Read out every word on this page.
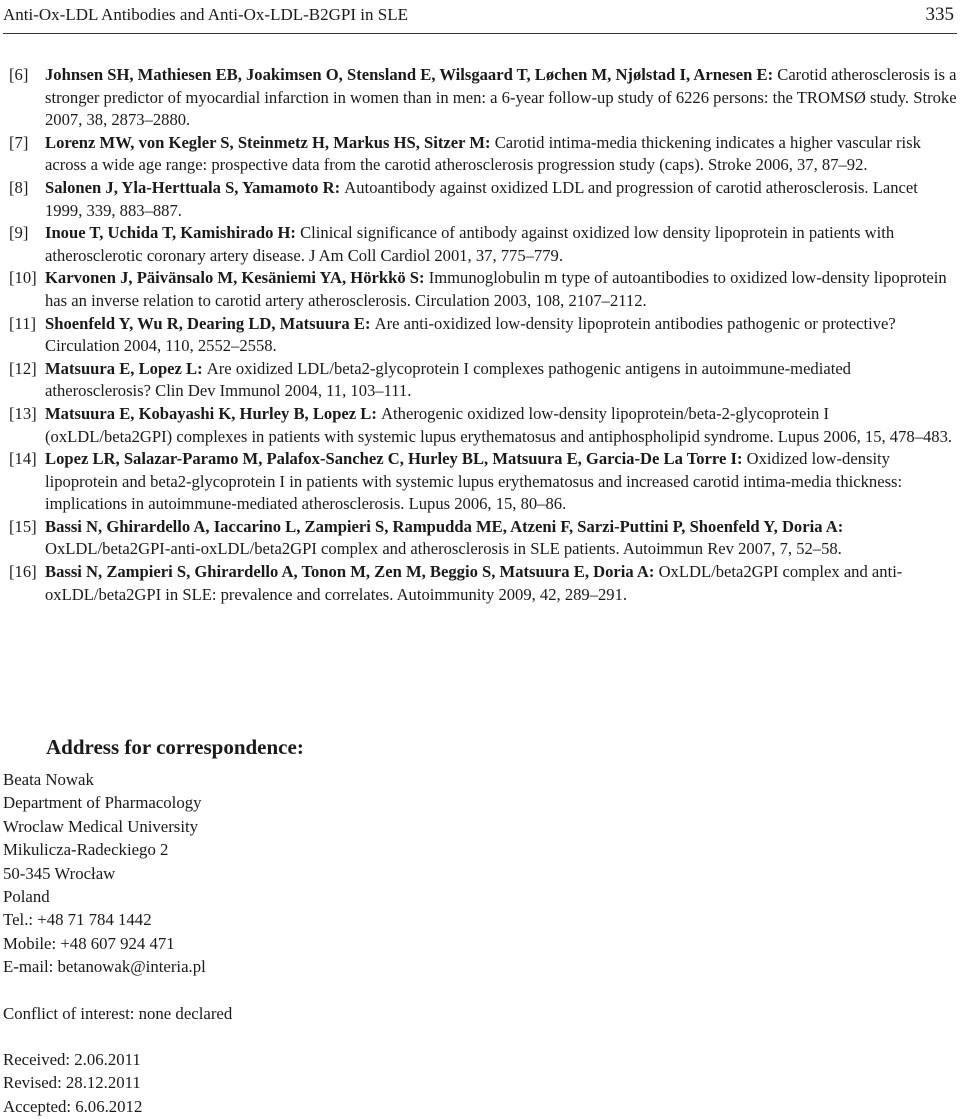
Anti-Ox-LDL Antibodies and Anti-Ox-LDL-B2GPI in SLE	335
[6] Johnsen SH, Mathiesen EB, Joakimsen O, Stensland E, Wilsgaard T, Løchen M, Njølstad I, Arnesen E: Carotid atherosclerosis is a stronger predictor of myocardial infarction in women than in men: a 6-year follow-up study of 6226 persons: the TROMSØ study. Stroke 2007, 38, 2873–2880.
[7] Lorenz MW, von Kegler S, Steinmetz H, Markus HS, Sitzer M: Carotid intima-media thickening indicates a higher vascular risk across a wide age range: prospective data from the carotid atherosclerosis progression study (caps). Stroke 2006, 37, 87–92.
[8] Salonen J, Yla-Herttuala S, Yamamoto R: Autoantibody against oxidized LDL and progression of carotid atherosclerosis. Lancet 1999, 339, 883–887.
[9] Inoue T, Uchida T, Kamishirado H: Clinical significance of antibody against oxidized low density lipoprotein in patients with atherosclerotic coronary artery disease. J Am Coll Cardiol 2001, 37, 775–779.
[10] Karvonen J, Päivänsalo M, Kesäniemi YA, Hörkkö S: Immunoglobulin m type of autoantibodies to oxidized low-density lipoprotein has an inverse relation to carotid artery atherosclerosis. Circulation 2003, 108, 2107–2112.
[11] Shoenfeld Y, Wu R, Dearing LD, Matsuura E: Are anti-oxidized low-density lipoprotein antibodies pathogenic or protective? Circulation 2004, 110, 2552–2558.
[12] Matsuura E, Lopez L: Are oxidized LDL/beta2-glycoprotein I complexes pathogenic antigens in autoimmune-mediated atherosclerosis? Clin Dev Immunol 2004, 11, 103–111.
[13] Matsuura E, Kobayashi K, Hurley B, Lopez L: Atherogenic oxidized low-density lipoprotein/beta-2-glycoprotein I (oxLDL/beta2GPI) complexes in patients with systemic lupus erythematosus and antiphospholipid syndrome. Lupus 2006, 15, 478–483.
[14] Lopez LR, Salazar-Paramo M, Palafox-Sanchez C, Hurley BL, Matsuura E, Garcia-De La Torre I: Oxidized low-density lipoprotein and beta2-glycoprotein I in patients with systemic lupus erythematosus and increased carotid intima-media thickness: implications in autoimmune-mediated atherosclerosis. Lupus 2006, 15, 80–86.
[15] Bassi N, Ghirardello A, Iaccarino L, Zampieri S, Rampudda ME, Atzeni F, Sarzi-Puttini P, Shoenfeld Y, Doria A: OxLDL/beta2GPI-anti-oxLDL/beta2GPI complex and atherosclerosis in SLE patients. Autoimmun Rev 2007, 7, 52–58.
[16] Bassi N, Zampieri S, Ghirardello A, Tonon M, Zen M, Beggio S, Matsuura E, Doria A: OxLDL/beta2GPI complex and anti-oxLDL/beta2GPI in SLE: prevalence and correlates. Autoimmunity 2009, 42, 289–291.
Address for correspondence:
Beata Nowak
Department of Pharmacology
Wroclaw Medical University
Mikulicza-Radeckiego 2
50-345 Wrocław
Poland
Tel.: +48 71 784 1442
Mobile: +48 607 924 471
E-mail: betanowak@interia.pl
Conflict of interest: none declared
Received: 2.06.2011
Revised: 28.12.2011
Accepted: 6.06.2012
